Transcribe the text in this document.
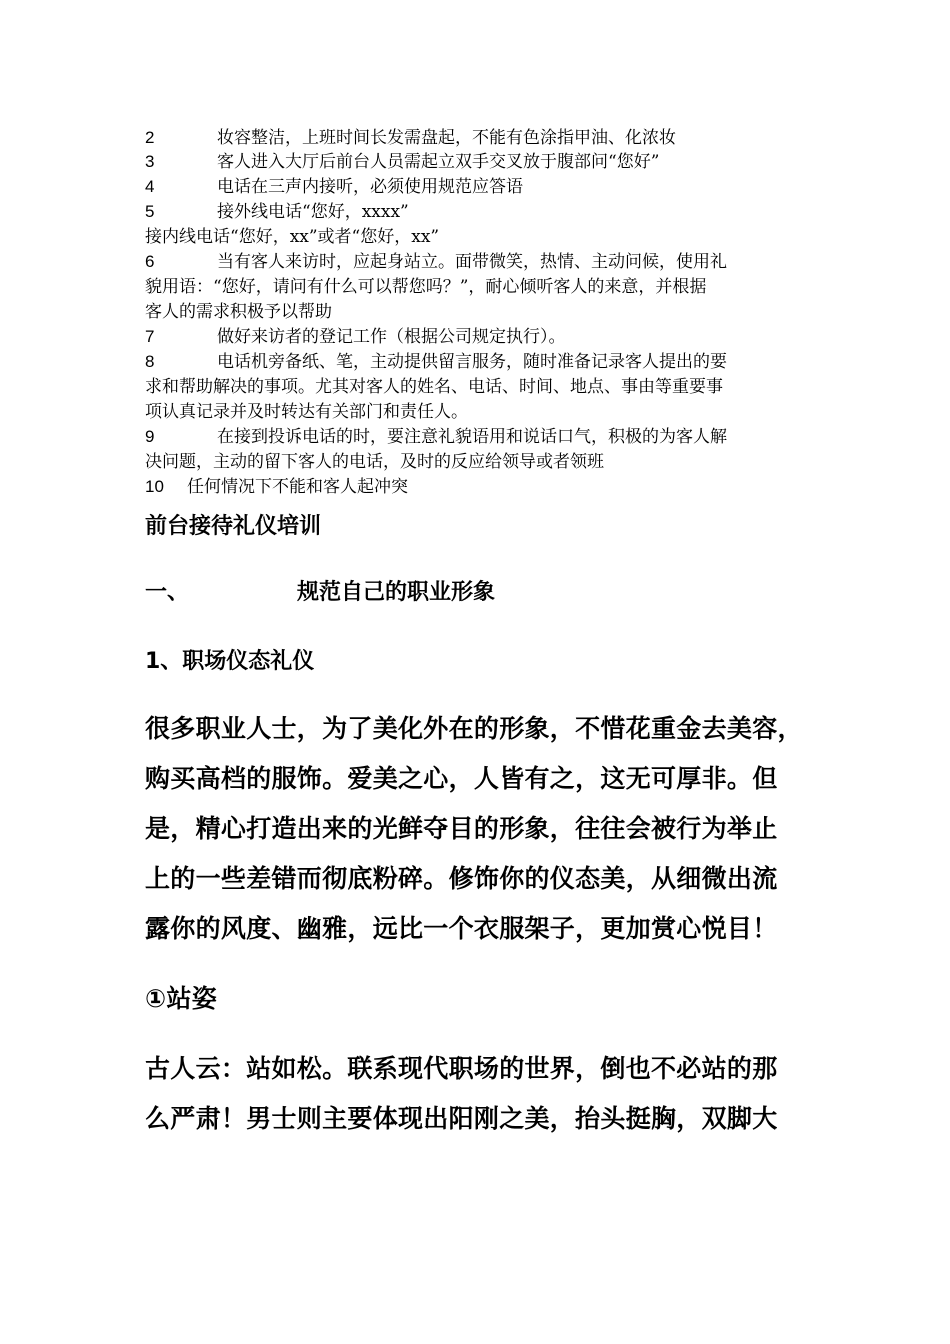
2	妆容整洁，上班时间长发需盘起，不能有色涂指甲油、化浓妆
3	客人进入大厅后前台人员需起立双手交叉放于腹部问“您好”
4	电话在三声内接听，必须使用规范应答语
5	接外线电话“您好，xxxx”
接内线电话“您好，xx”或者“您好，xx”
6	当有客人来访时，应起身站立。面带微笑，热情、主动问候，使用礼
貌用语：“您好，请问有什么可以帮您吗？”，耐心倾听客人的来意，并根据
客人的需求积极予以帮助
7	做好来访者的登记工作（根据公司规定执行）。
8	电话机旁备纸、笔，主动提供留言服务，随时准备记录客人提出的要
求和帮助解决的事项。尤其对客人的姓名、电话、时间、地点、事由等重要事
项认真记录并及时转达有关部门和责任人。
9	在接到投诉电话的时，要注意礼貌语用和说话口气，积极的为客人解
决问题，主动的留下客人的电话，及时的反应给领导或者领班
10 任何情况下不能和客人起冲突
前台接待礼仪培训
一、	规范自己的职业形象
1、职场仪态礼仪
很多职业人士，为了美化外在的形象，不惜花重金去美容，
购买高档的服饰。爱美之心，人皆有之，这无可厚非。但
是，精心打造出来的光鲜夺目的形象，往往会被行为举止
上的一些差错而彻底粉碎。修饰你的仪态美，从细微出流
露你的风度、幽雅，远比一个衣服架子，更加赏心悦目！
①站姿
古人云：站如松。联系现代职场的世界，倒也不必站的那
么严肃！男士则主要体现出阳刚之美，抬头挺胸，双脚大
